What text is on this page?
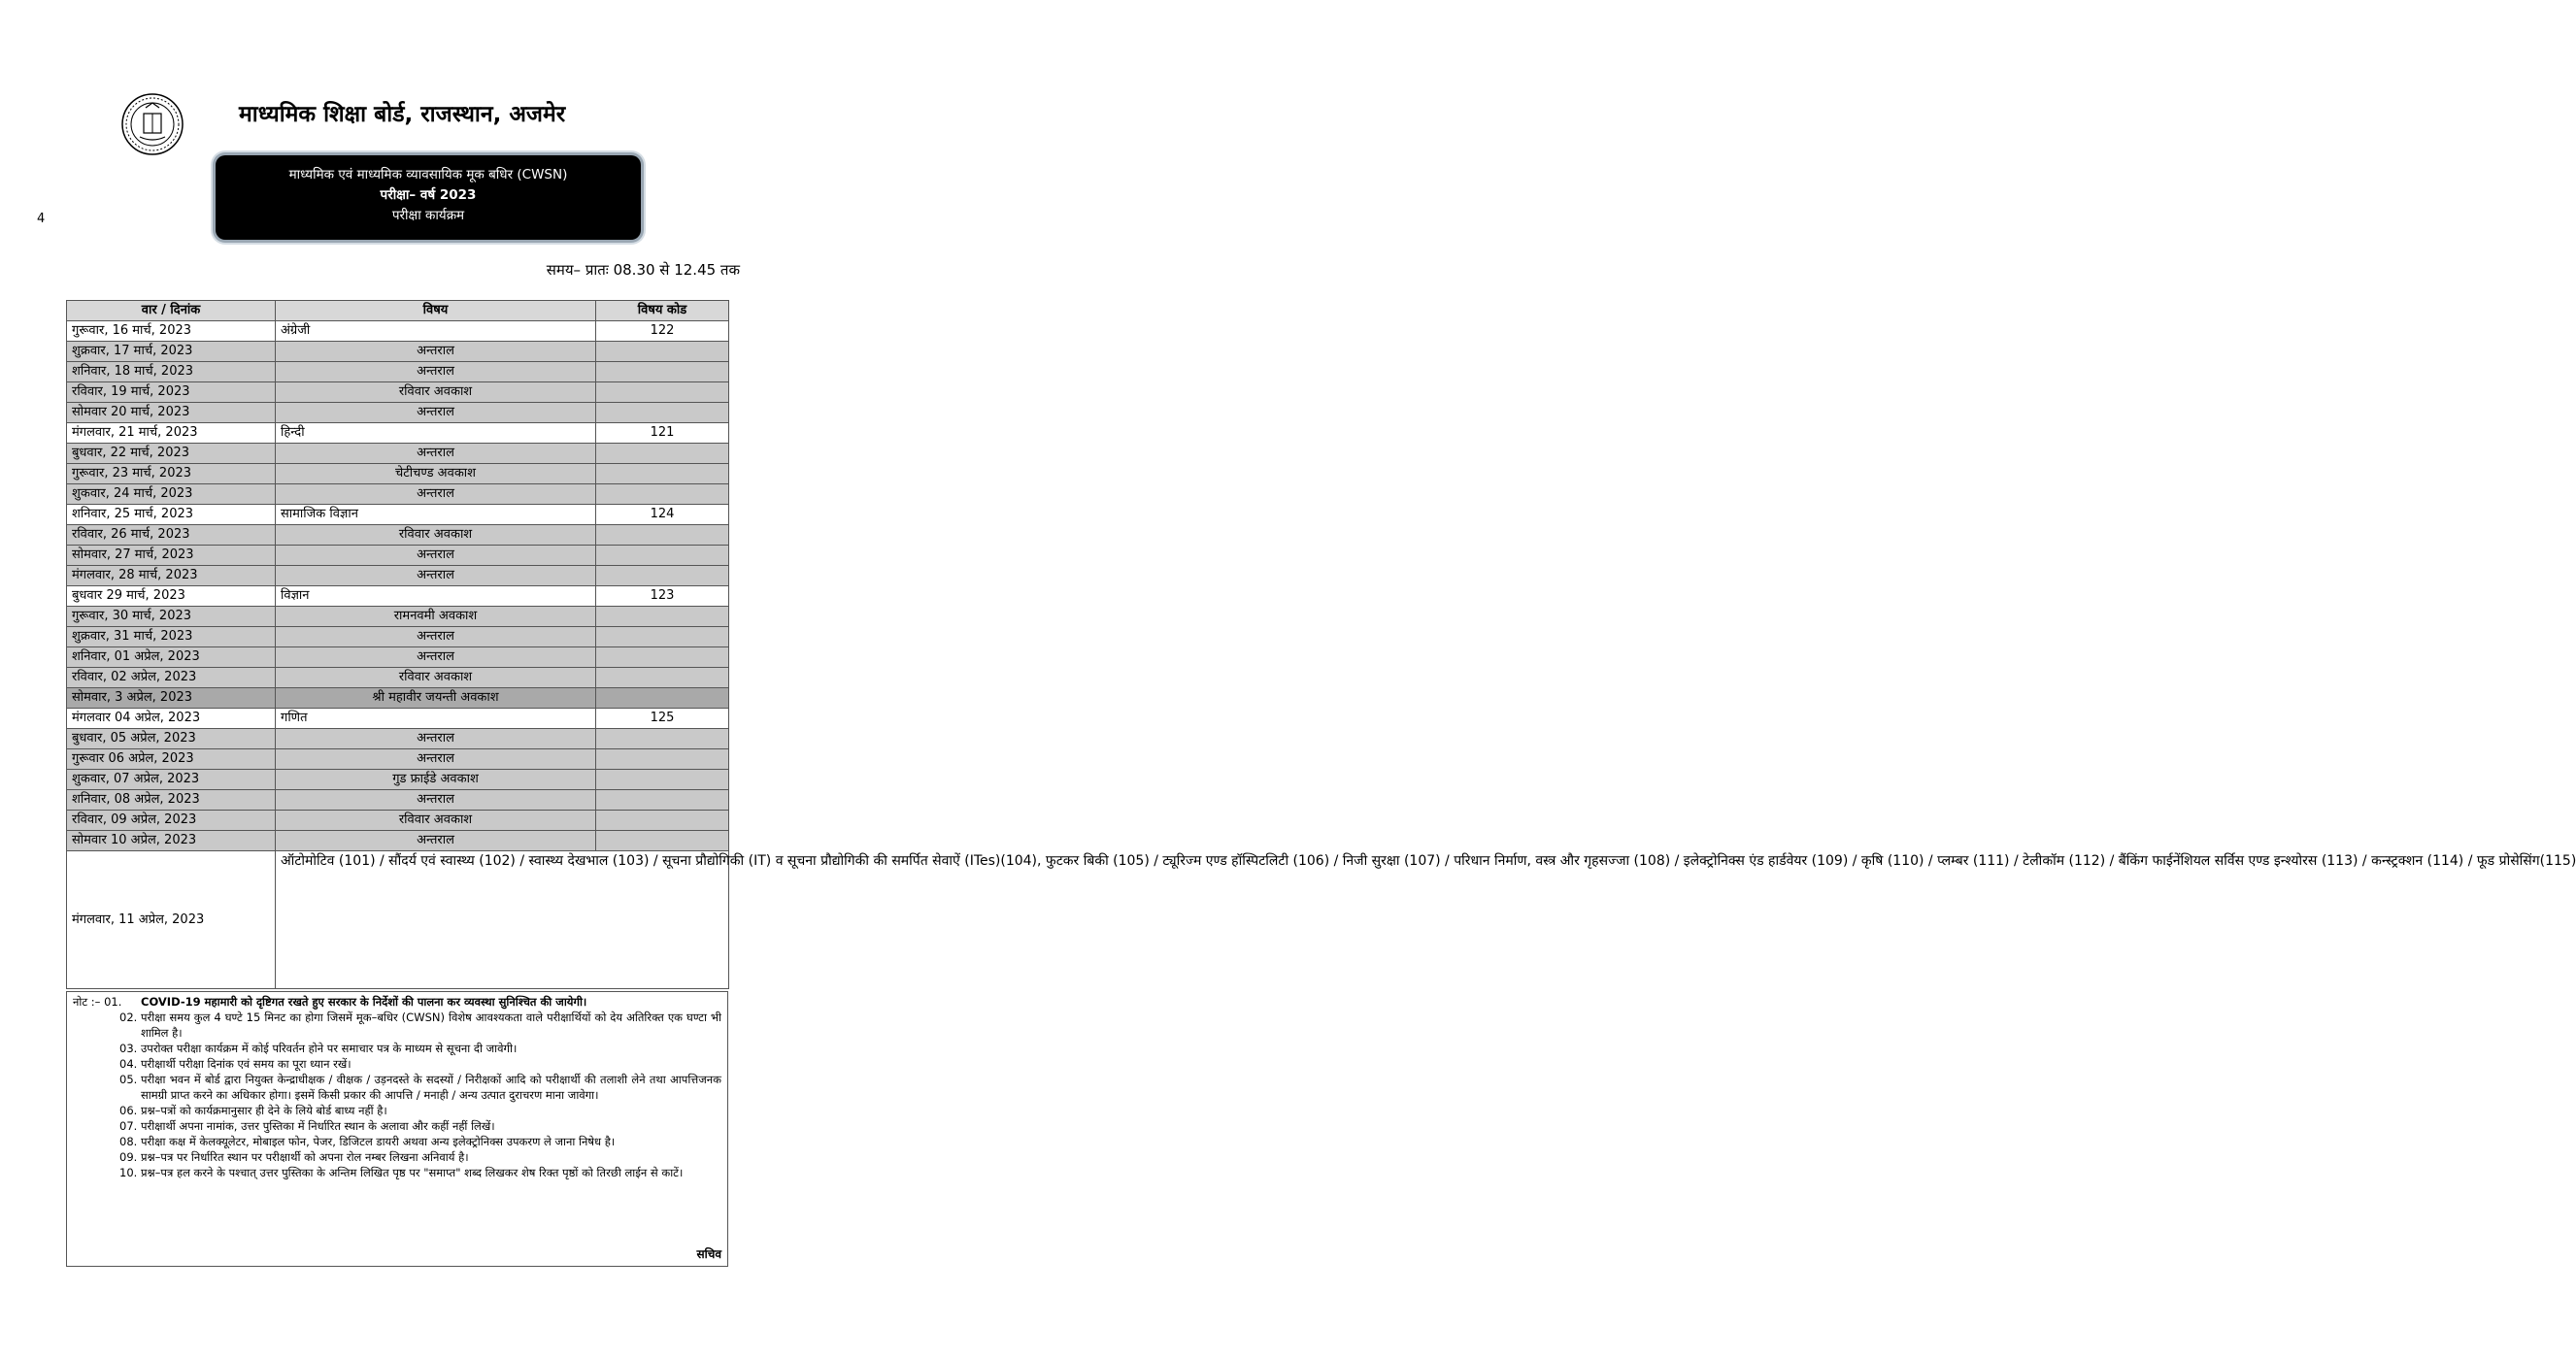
4
माध्यमिक शिक्षा बोर्ड, राजस्थान, अजमेर
माध्यमिक एवं माध्यमिक व्यावसायिक मूक बधिर (CWSN)
परीक्षा– वर्ष 2023
परीक्षा कार्यक्रम
समय– प्रातः 08.30 से 12.45 तक
वार / दिनांक	विषय	विषय कोड
गुरूवार, 16 मार्च, 2023	अंग्रेजी	122
शुक्रवार, 17 मार्च, 2023	अन्तराल	
शनिवार, 18 मार्च, 2023	अन्तराल	
रविवार, 19 मार्च, 2023	रविवार अवकाश	
सोमवार 20 मार्च, 2023	अन्तराल	
मंगलवार, 21 मार्च, 2023	हिन्दी	121
बुधवार, 22 मार्च, 2023	अन्तराल	
गुरूवार, 23 मार्च, 2023	चेटीचण्ड अवकाश	
शुकवार, 24 मार्च, 2023	अन्तराल	
शनिवार, 25 मार्च, 2023	सामाजिक विज्ञान	124
रविवार, 26 मार्च, 2023	रविवार अवकाश	
सोमवार, 27 मार्च, 2023	अन्तराल	
मंगलवार, 28 मार्च, 2023	अन्तराल	
बुधवार 29 मार्च, 2023	विज्ञान	123
गुरूवार, 30 मार्च, 2023	रामनवमी अवकाश	
शुक्रवार, 31 मार्च, 2023	अन्तराल	
शनिवार, 01 अप्रेल, 2023	अन्तराल	
रविवार, 02 अप्रेल, 2023	रविवार अवकाश	
सोमवार, 3 अप्रेल, 2023	श्री महावीर जयन्ती अवकाश	
मंगलवार 04 अप्रेल, 2023	गणित	125
बुधवार, 05 अप्रेल, 2023	अन्तराल	
गुरूवार 06 अप्रेल, 2023	अन्तराल	
शुकवार, 07 अप्रेल, 2023	गुड फ्राईडे अवकाश	
शनिवार, 08 अप्रेल, 2023	अन्तराल	
रविवार, 09 अप्रेल, 2023	रविवार अवकाश	
सोमवार 10 अप्रेल, 2023	अन्तराल	
मंगलवार, 11 अप्रेल, 2023	ऑटोमोटिव (101) / सौंदर्य एवं स्वास्थ्य (102) / स्वास्थ्य देखभाल (103) / सूचना प्रौद्योगिकी (IT) व सूचना प्रौद्योगिकी की समर्पित सेवाऐं (ITes)(104), फुटकर बिकी (105) / ट्यूरिज्म एण्ड हॉस्पिटलिटी (106) / निजी सुरक्षा (107) / परिधान निर्माण, वस्त्र और गृहसज्जा (108) / इलेक्ट्रोनिक्स एंड हार्डवेयर (109) / कृषि (110) / प्लम्बर (111) / टेलीकॉम (112) / बैंकिंग फाईनेंशियल सर्विस एण्ड इन्श्योरस (113) / कन्स्ट्रक्शन (114) / फूड प्रोसेसिंग(115)	
नोट :– 01.	COVID-19 महामारी को दृष्टिगत रखते हुए सरकार के निर्देशों की पालना कर व्यवस्था सुनिश्चित की जायेगी।
02. परीक्षा समय कुल 4 घण्टे 15 मिनट का होगा जिसमें मूक–बधिर (CWSN) विशेष आवश्यकता वाले परीक्षार्थियों को देय अतिरिक्त एक घण्टा भी शामिल है।
03. उपरोक्त परीक्षा कार्यक्रम में कोई परिवर्तन होने पर समाचार पत्र के माध्यम से सूचना दी जावेगी।
04. परीक्षार्थी परीक्षा दिनांक एवं समय का पूरा ध्यान रखें।
05. परीक्षा भवन में बोर्ड द्वारा नियुक्त केन्द्राधीक्षक / वीक्षक / उड़नदस्ते के सदस्यों / निरीक्षकों आदि को परीक्षार्थी की तलाशी लेने तथा आपत्तिजनक सामग्री प्राप्त करने का अधिकार होगा। इसमें किसी प्रकार की आपत्ति / मनाही / अन्य उत्पात दुराचरण माना जावेगा।
06. प्रश्न–पत्रों को कार्यक्रमानुसार ही देने के लिये बोर्ड बाध्य नहीं है।
07. परीक्षार्थी अपना नामांक, उत्तर पुस्तिका में निर्धारित स्थान के अलावा और कहीं नहीं लिखें।
08. परीक्षा कक्ष में केलक्यूलेटर, मोबाइल फोन, पेजर, डिजिटल डायरी अथवा अन्य इलेक्ट्रोनिक्स उपकरण ले जाना निषेध है।
09. प्रश्न–पत्र पर निर्धारित स्थान पर परीक्षार्थी को अपना रोल नम्बर लिखना अनिवार्य है।
10. प्रश्न–पत्र हल करने के पश्चात् उत्तर पुस्तिका के अन्तिम लिखित पृष्ठ पर "समाप्त" शब्द लिखकर शेष रिक्त पृष्ठों को तिरछी लाईन से काटें।
सचिव
